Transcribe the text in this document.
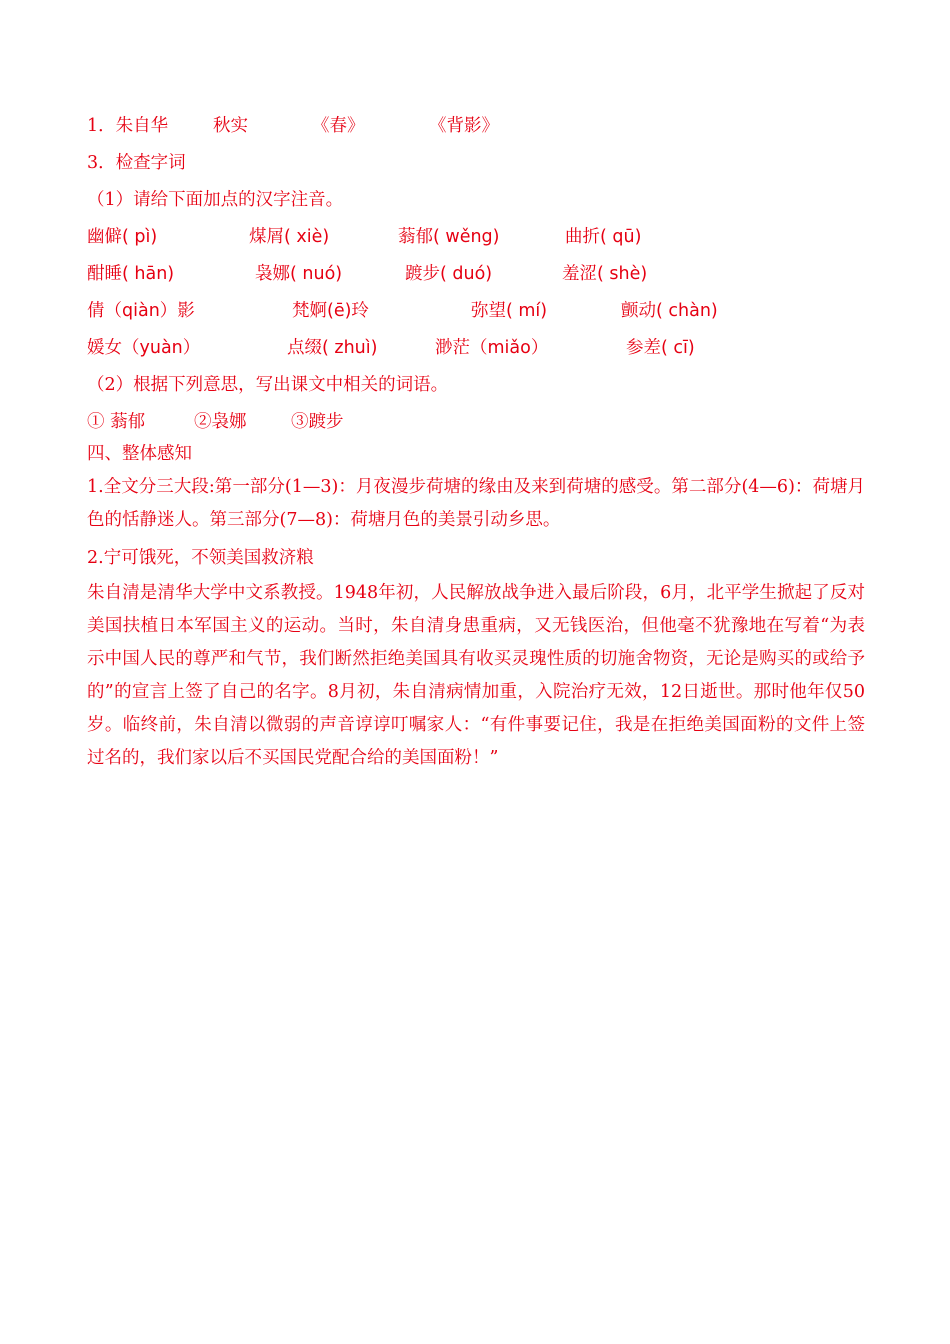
1．朱自华	秋实	《春》	《背影》
3．检查字词
（1）请给下面加点的汉字注音。
幽僻( pì)	煤屑( xiè)	蓊郁( wěng)	曲折( qū)
酣睡( hān)	袅娜( nuó)	踱步( duó)	羞涩( shè)
倩（qiàn）影	梵婀(ē)玲	弥望( mí)	颤动( chàn)
媛女（yuàn）	点缀( zhuì)	渺茫（miǎo）	参差( cī)
（2）根据下列意思，写出课文中相关的词语。
① 蓊郁	②袅娜	③踱步
四、整体感知
1.全文分三大段:第一部分(1—3)：月夜漫步荷塘的缘由及来到荷塘的感受。第二部分(4—6)：荷塘月色的恬静迷人。第三部分(7—8)：荷塘月色的美景引动乡思。
2.宁可饿死，不领美国救济粮
朱自清是清华大学中文系教授。1948年初，人民解放战争进入最后阶段，6月，北平学生掀起了反对美国扶植日本军国主义的运动。当时，朱自清身患重病，又无钱医治，但他毫不犹豫地在写着“为表示中国人民的尊严和气节，我们断然拒绝美国具有收买灵瑰性质的切施舍物资，无论是购买的或给予的”的宣言上签了自己的名字。8月初，朱自清病情加重，入院治疗无效，12日逝世。那时他年仅50岁。临终前，朱自清以微弱的声音谆谆叮嘱家人：“有件事要记住，我是在拒绝美国面粉的文件上签过名的，我们家以后不买国民党配合给的美国面粉！”
